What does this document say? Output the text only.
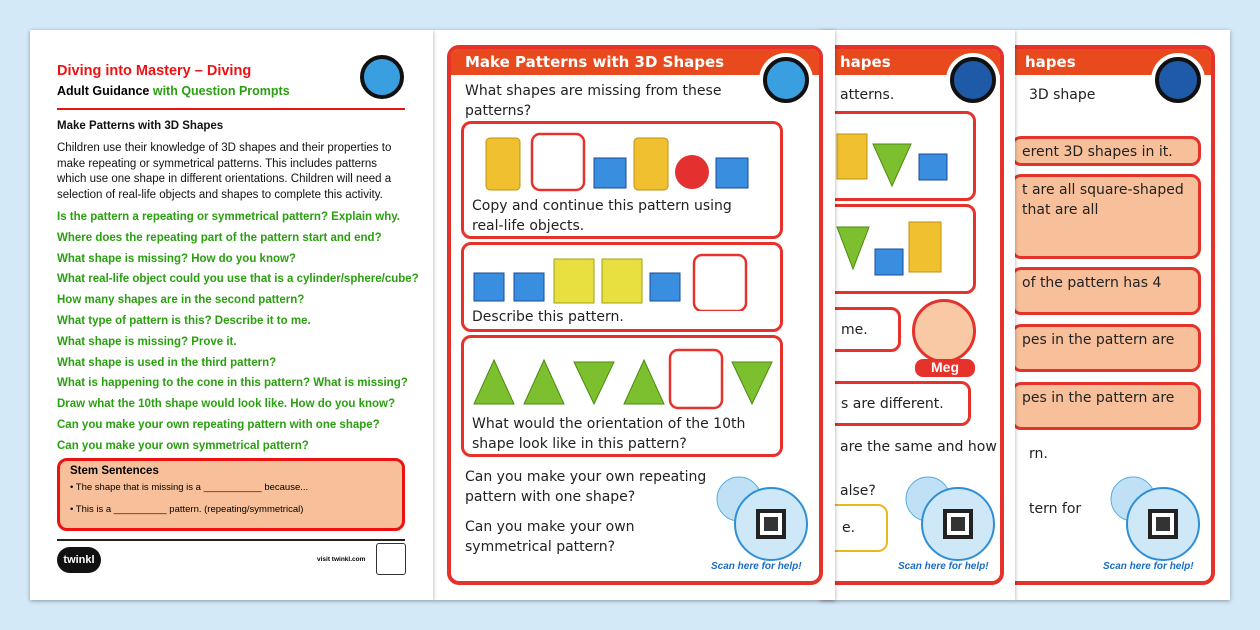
hapes
3D shape
erent 3D shapes in it.
t are all square-shaped
that are all
of the pattern has 4
pes in the pattern are
pes in the pattern are
rn.
tern for
Scan here for help!
hapes
atterns.
me.
Meg
s are different.
are the same and how
alse?
e.
Scan here for help!
Make Patterns with 3D Shapes
What shapes are missing from these
patterns?
Copy and continue this pattern using
real-life objects.
Describe this pattern.
What would the orientation of the 10th
shape look like in this pattern?
Can you make your own repeating
pattern with one shape?
Can you make your own
symmetrical pattern?
Scan here for help!
Diving into Mastery – Diving
Adult Guidance with Question Prompts
Make Patterns with 3D Shapes
Children use their knowledge of 3D shapes and their properties to
make repeating or symmetrical patterns. This includes patterns
which use one shape in different orientations. Children will need a
selection of real-life objects and shapes to complete this activity.
Is the pattern a repeating or symmetrical pattern? Explain why.
Where does the repeating part of the pattern start and end?
What shape is missing? How do you know?
What real-life object could you use that is a cylinder/sphere/cube?
How many shapes are in the second pattern?
What type of pattern is this? Describe it to me.
What shape is missing? Prove it.
What shape is used in the third pattern?
What is happening to the cone in this pattern? What is missing?
Draw what the 10th shape would look like. How do you know?
Can you make your own repeating pattern with one shape?
Can you make your own symmetrical pattern?
Stem Sentences
• The shape that is missing is a ___________ because...
• This is a __________ pattern. (repeating/symmetrical)
twinkl	visit twinkl.com
